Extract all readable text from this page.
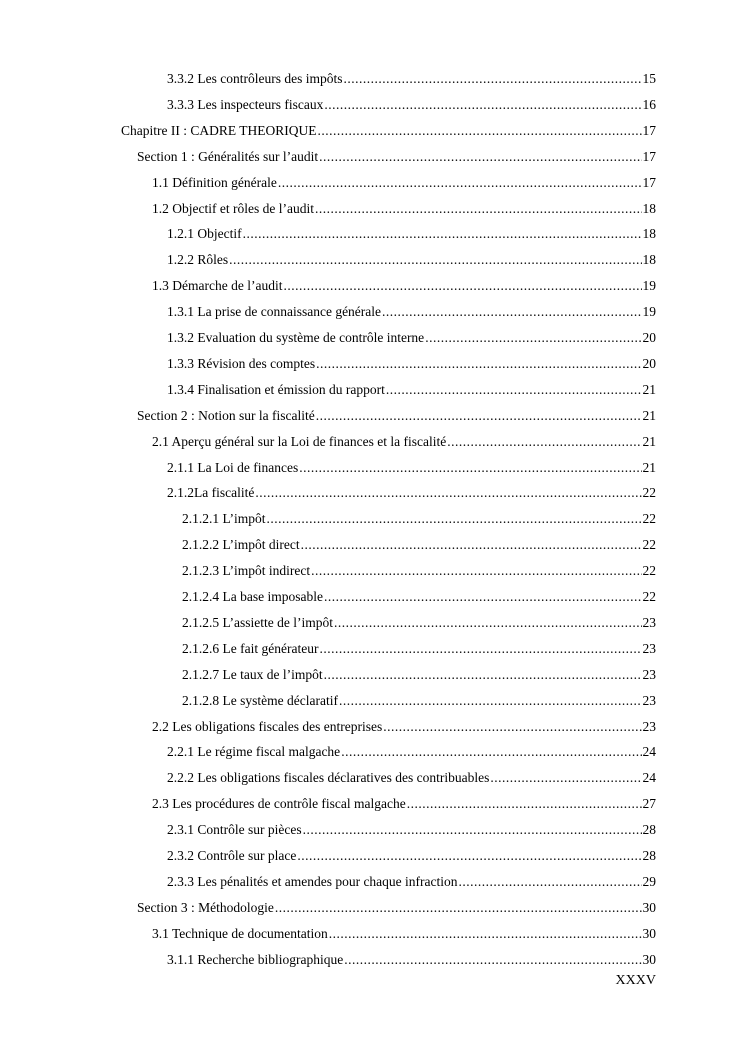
3.3.2 Les contrôleurs des impôts .....	15
3.3.3 Les inspecteurs fiscaux .....	16
Chapitre II : CADRE THEORIQUE .....	17
Section 1 : Généralités sur l’audit .....	17
1.1 Définition générale .....	17
1.2 Objectif et rôles de l’audit .....	18
1.2.1 Objectif .....	18
1.2.2 Rôles .....	18
1.3 Démarche de l’audit .....	19
1.3.1 La prise de connaissance générale .....	19
1.3.2 Evaluation du système de contrôle interne .....	20
1.3.3 Révision des comptes .....	20
1.3.4 Finalisation et émission du rapport .....	21
Section 2 : Notion sur la fiscalité .....	21
2.1 Aperçu général sur la Loi de finances et la fiscalité .....	21
2.1.1 La Loi de finances .....	21
2.1.2La fiscalité .....	22
2.1.2.1 L’impôt .....	22
2.1.2.2 L’impôt direct .....	22
2.1.2.3 L’impôt indirect .....	22
2.1.2.4 La base imposable .....	22
2.1.2.5 L’assiette de l’impôt .....	23
2.1.2.6 Le fait générateur .....	23
2.1.2.7 Le taux de l’impôt .....	23
2.1.2.8 Le système déclaratif .....	23
2.2 Les obligations fiscales des entreprises .....	23
2.2.1 Le régime fiscal malgache .....	24
2.2.2 Les obligations fiscales déclaratives des contribuables .....	24
2.3 Les procédures de contrôle fiscal malgache .....	27
2.3.1 Contrôle sur pièces .....	28
2.3.2 Contrôle sur place .....	28
2.3.3 Les pénalités et amendes pour chaque infraction .....	29
Section 3 : Méthodologie .....	30
3.1 Technique de documentation .....	30
3.1.1 Recherche bibliographique .....	30
XXXV
